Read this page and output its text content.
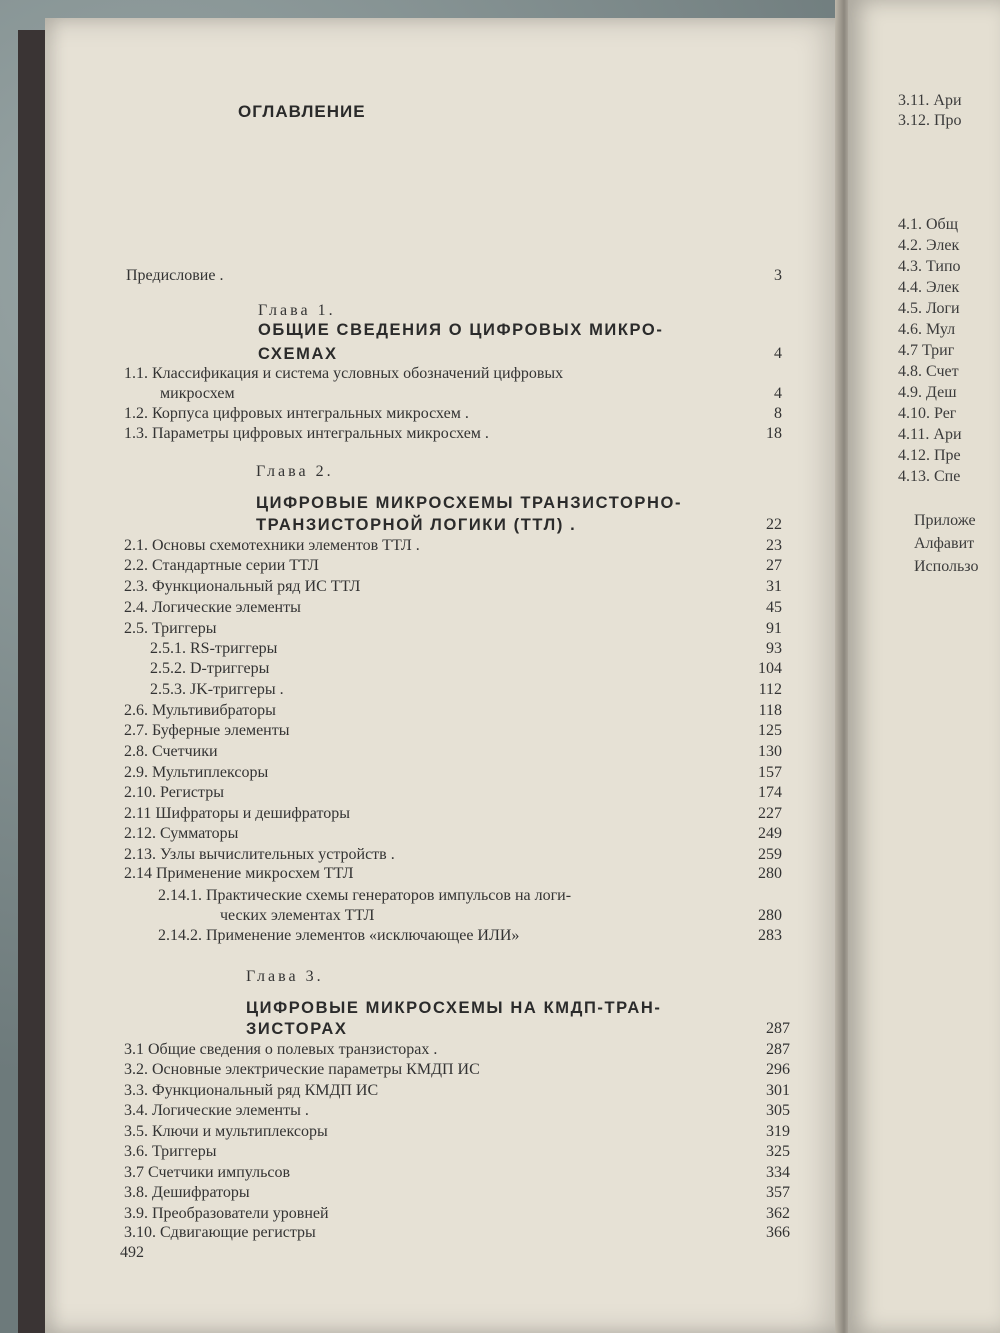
ОГЛАВЛЕНИЕ
Предисловие .	3
Глава 1.
ОБЩИЕ СВЕДЕНИЯ О ЦИФРОВЫХ МИКРО-
СХЕМАХ	4
1.1. Классификация и система условных обозначений цифровых
микросхем	4
1.2. Корпуса цифровых интегральных микросхем .	8
1.3. Параметры цифровых интегральных микросхем .	18
Глава 2.
ЦИФРОВЫЕ МИКРОСХЕМЫ ТРАНЗИСТОРНО-
ТРАНЗИСТОРНОЙ ЛОГИКИ (ТТЛ) .	22
2.1. Основы схемотехники элементов ТТЛ .	23
2.2. Стандартные серии ТТЛ	27
2.3. Функциональный ряд ИС ТТЛ	31
2.4. Логические элементы	45
2.5. Триггеры	91
2.5.1. RS-триггеры	93
2.5.2. D-триггеры	104
2.5.3. JK-триггеры .	112
2.6. Мультивибраторы	118
2.7. Буферные элементы	125
2.8. Счетчики	130
2.9. Мультиплексоры	157
2.10. Регистры	174
2.11 Шифраторы и дешифраторы	227
2.12. Сумматоры	249
2.13. Узлы вычислительных устройств .	259
2.14 Применение микросхем ТТЛ	280
2.14.1. Практические схемы генераторов импульсов на логи-
ческих элементах ТТЛ	280
2.14.2. Применение элементов «исключающее ИЛИ»	283
Глава 3.
ЦИФРОВЫЕ МИКРОСХЕМЫ НА КМДП-ТРАН-
ЗИСТОРАХ	287
3.1 Общие сведения о полевых транзисторах .	287
3.2. Основные электрические параметры КМДП ИС	296
3.3. Функциональный ряд КМДП ИС	301
3.4. Логические элементы .	305
3.5. Ключи и мультиплексоры	319
3.6. Триггеры	325
3.7 Счетчики импульсов	334
3.8. Дешифраторы	357
3.9. Преобразователи уровней	362
3.10. Сдвигающие регистры	366
492
3.11. Ари
3.12. Про
4.1. Общ
4.2. Элек
4.3. Типо
4.4. Элек
4.5. Логи
4.6. Мул
4.7 Триг
4.8. Счет
4.9. Деш
4.10. Рег
4.11. Ари
4.12. Пре
4.13. Спе
Приложе
Алфавит
Использо
